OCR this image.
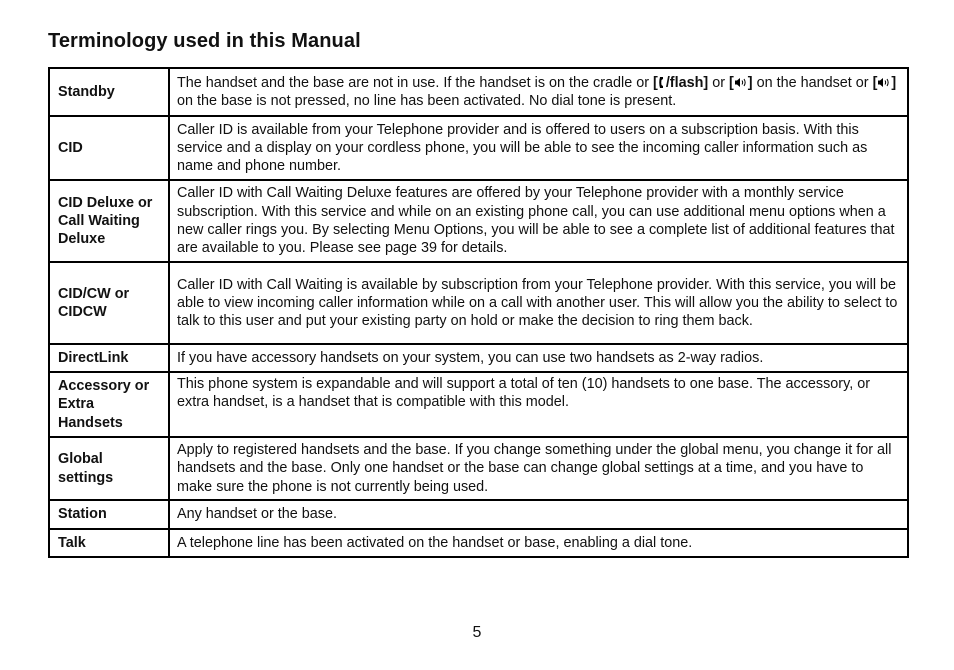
Terminology used in this Manual
Standby	The handset and the base are not in use. If the handset is on the cradle or [ /flash] or [ ] on the handset or [ ] on the base is not pressed, no line has been activated. No dial tone is present.
CID	Caller ID is available from your Telephone provider and is offered to users on a subscription basis. With this service and a display on your cordless phone, you will be able to see the incoming caller information such as name and phone number.
CID Deluxe or Call Waiting Deluxe	Caller ID with Call Waiting Deluxe features are offered by your Telephone provider with a monthly service subscription. With this service and while on an existing phone call, you can use additional menu options when a new caller rings you. By selecting Menu Options, you will be able to see a complete list of additional features that are available to you. Please see page 39 for details.
CID/CW or CIDCW	Caller ID with Call Waiting is available by subscription from your Telephone provider. With this service, you will be able to view incoming caller information while on a call with another user. This will allow you the ability to select to talk to this user and put your existing party on hold or make the decision to ring them back.
DirectLink	If you have accessory handsets on your system, you can use two handsets as 2-way radios.
Accessory or Extra Handsets	This phone system is expandable and will support a total of ten (10) handsets to one base. The accessory, or extra handset, is a handset that is compatible with this model.
Global settings	Apply to registered handsets and the base. If you change something under the global menu, you change it for all handsets and the base. Only one handset or the base can change global settings at a time, and you have to make sure the phone is not currently being used.
Station	Any handset or the base.
Talk	A telephone line has been activated on the handset or base, enabling a dial tone.
5
